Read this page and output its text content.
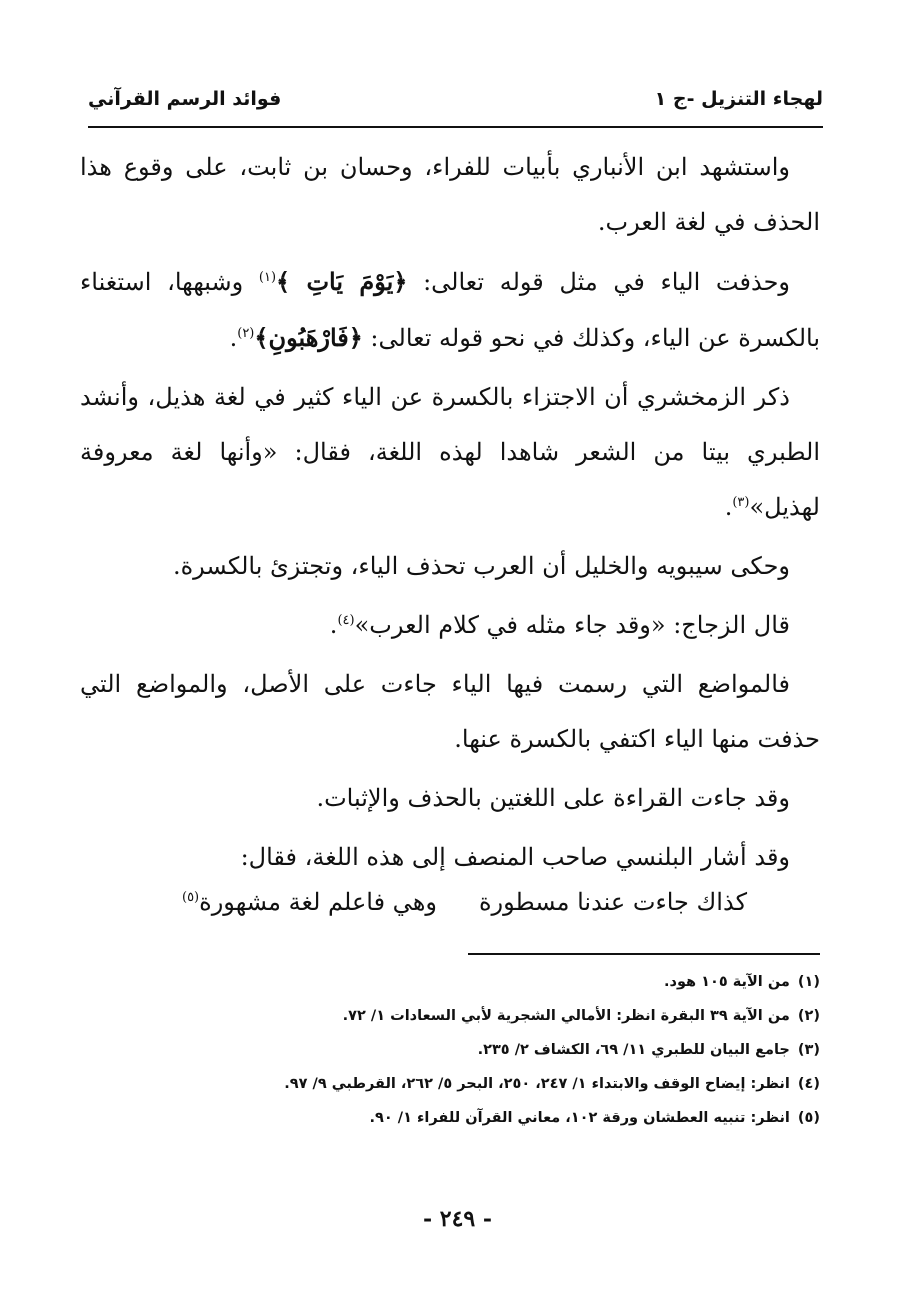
لهجاء التنزيل -ج ١
فوائد الرسم القرآني

واستشهد ابن الأنباري بأبيات للفراء، وحسان بن ثابت، على وقوع هذا الحذف في لغة العرب.

وحذفت الياء في مثل قوله تعالى: ﴿يَوْمَ يَاتِ ﴾$^{(١)}$ وشبهها، استغناء بالكسرة عن الياء، وكذلك في نحو قوله تعالى: ﴿فَارْهَبُونِ﴾$^{(٢)}$.

ذكر الزمخشري أن الاجتزاء بالكسرة عن الياء كثير في لغة هذيل، وأنشد الطبري بيتا من الشعر شاهدا لهذه اللغة، فقال: «وأنها لغة معروفة لهذيل»$^{(٣)}$.

وحكى سيبويه والخليل أن العرب تحذف الياء، وتجتزئ بالكسرة.

قال الزجاج: «وقد جاء مثله في كلام العرب»$^{(٤)}$.

فالمواضع التي رسمت فيها الياء جاءت على الأصل، والمواضع التي حذفت منها الياء اكتفي بالكسرة عنها.

وقد جاءت القراءة على اللغتين بالحذف والإثبات.

وقد أشار البلنسي صاحب المنصف إلى هذه اللغة، فقال:

كذاك جاءت عندنا مسطورةوهي فاعلم لغة مشهورة$^{(٥)}$
(١)من الآية ١٠٥ هود.
(٢)من الآية ٣٩ البقرة انظر: الأمالي الشجرية لأبي السعادات ١/ ٧٢.
(٣)جامع البيان للطبري ١١/ ٦٩، الكشاف ٢/ ٢٣٥.
(٤)انظر: إيضاح الوقف والابتداء ١/ ٢٤٧، ٢٥٠، البحر ٥/ ٢٦٢، القرطبي ٩/ ٩٧.
(٥)انظر: تنبيه العطشان ورقة ١٠٢، معاني القرآن للفراء ١/ ٩٠.
- ٢٤٩ -
